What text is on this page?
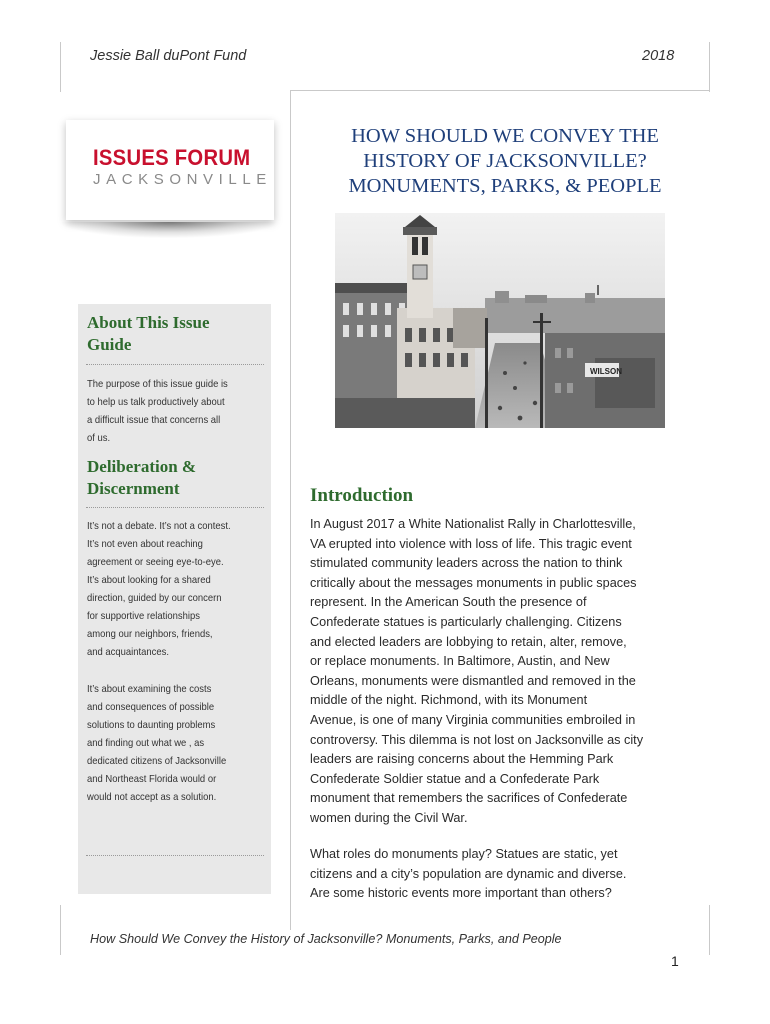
Jessie Ball duPont Fund	2018
ISSUES FORUM
JACKSONVILLE
HOW SHOULD WE CONVEY THE
HISTORY OF JACKSONVILLE?
MONUMENTS, PARKS, & PEOPLE
WILSON
About This Issue
Guide
The purpose of this issue guide is
to help us talk productively about
a difficult issue that concerns all
of us.
Deliberation &
Discernment
It’s not a debate. It’s not a contest.
It’s not even about reaching
agreement or seeing eye-to-eye.
It’s about looking for a shared
direction, guided by our concern
for supportive relationships
among our neighbors, friends,
and acquaintances.
It’s about examining the costs
and consequences of possible
solutions to daunting problems
and finding out what we , as
dedicated citizens of Jacksonville
and Northeast Florida would or
would not accept as a solution.
Introduction
In August 2017 a White Nationalist Rally in Charlottesville,
VA erupted into violence with loss of life. This tragic event
stimulated community leaders across the nation to think
critically about the messages monuments in public spaces
represent. In the American South the presence of
Confederate statues is particularly challenging. Citizens
and elected leaders are lobbying to retain, alter, remove,
or replace monuments. In Baltimore, Austin, and New
Orleans, monuments were dismantled and removed in the
middle of the night. Richmond, with its Monument
Avenue, is one of many Virginia communities embroiled in
controversy. This dilemma is not lost on Jacksonville as city
leaders are raising concerns about the Hemming Park
Confederate Soldier statue and a Confederate Park
monument that remembers the sacrifices of Confederate
women during the Civil War.
What roles do monuments play? Statues are static, yet
citizens and a city’s population are dynamic and diverse.
Are some historic events more important than others?
How Should We Convey the History of Jacksonville? Monuments, Parks, and People
1
